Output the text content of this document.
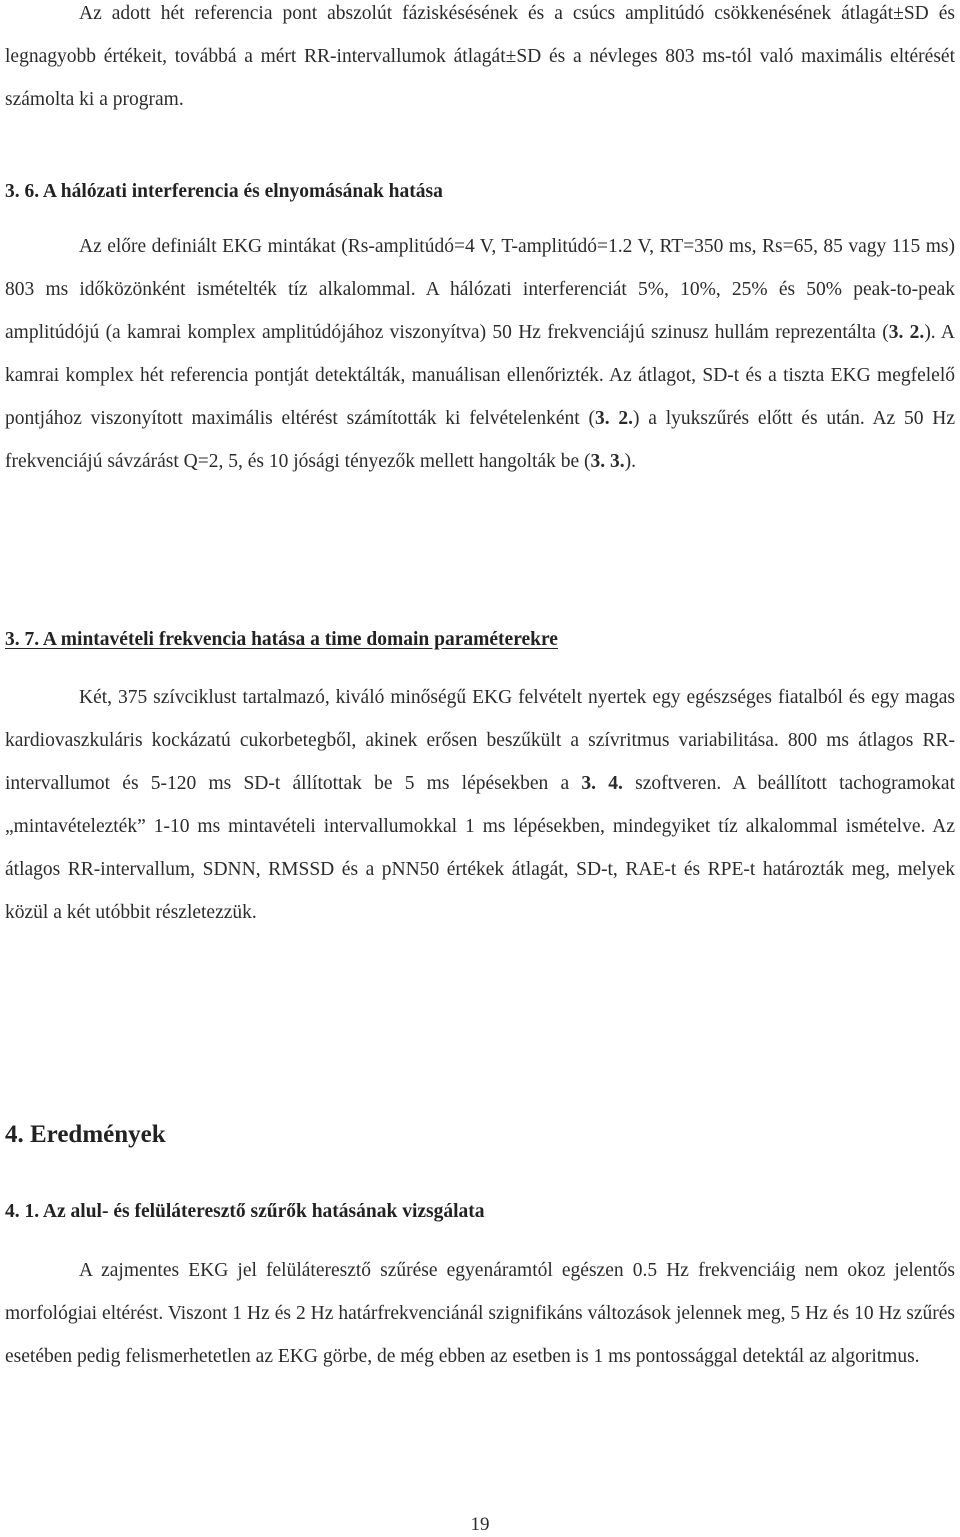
Az adott hét referencia pont abszolút fáziskésésének és a csúcs amplitúdó csökkenésének átlagát±SD és legnagyobb értékeit, továbbá a mért RR-intervallumok átlagát±SD és a névleges 803 ms-tól való maximális eltérését számolta ki a program.

3. 6. A hálózati interferencia és elnyomásának hatása

Az előre definiált EKG mintákat (Rs-amplitúdó=4 V, T-amplitúdó=1.2 V, RT=350 ms, Rs=65, 85 vagy 115 ms) 803 ms időközönként ismételték tíz alkalommal. A hálózati interferenciát 5%, 10%, 25% és 50% peak-to-peak amplitúdójú (a kamrai komplex amplitúdójához viszonyítva) 50 Hz frekvenciájú szinusz hullám reprezentálta (3. 2.). A kamrai komplex hét referencia pontját detektálták, manuálisan ellenőrizték. Az átlagot, SD-t és a tiszta EKG megfelelő pontjához viszonyított maximális eltérést számították ki felvételenként (3. 2.) a lyukszűrés előtt és után. Az 50 Hz frekvenciájú sávzárást Q=2, 5, és 10 jósági tényezők mellett hangolták be (3. 3.).

3. 7. A mintavételi frekvencia hatása a time domain paraméterekre

Két, 375 szívciklust tartalmazó, kiváló minőségű EKG felvételt nyertek egy egészséges fiatalból és egy magas kardiovaszkuláris kockázatú cukorbetegből, akinek erősen beszűkült a szívritmus variabilitása. 800 ms átlagos RR-intervallumot és 5-120 ms SD-t állítottak be 5 ms lépésekben a 3. 4. szoftveren. A beállított tachogramokat „mintavételezték” 1-10 ms mintavételi intervallumokkal 1 ms lépésekben, mindegyiket tíz alkalommal ismételve. Az átlagos RR-intervallum, SDNN, RMSSD és a pNN50 értékek átlagát, SD-t, RAE-t és RPE-t határozták meg, melyek közül a két utóbbit részletezzük.

4. Eredmények
4. 1. Az alul- és felüláteresztő szűrők hatásának vizsgálata

A zajmentes EKG jel felüláteresztő szűrése egyenáramtól egészen 0.5 Hz frekvenciáig nem okoz jelentős morfológiai eltérést. Viszont 1 Hz és 2 Hz határfrekvenciánál szignifikáns változások jelennek meg, 5 Hz és 10 Hz szűrés esetében pedig felismerhetetlen az EKG görbe, de még ebben az esetben is 1 ms pontossággal detektál az algoritmus.

19
